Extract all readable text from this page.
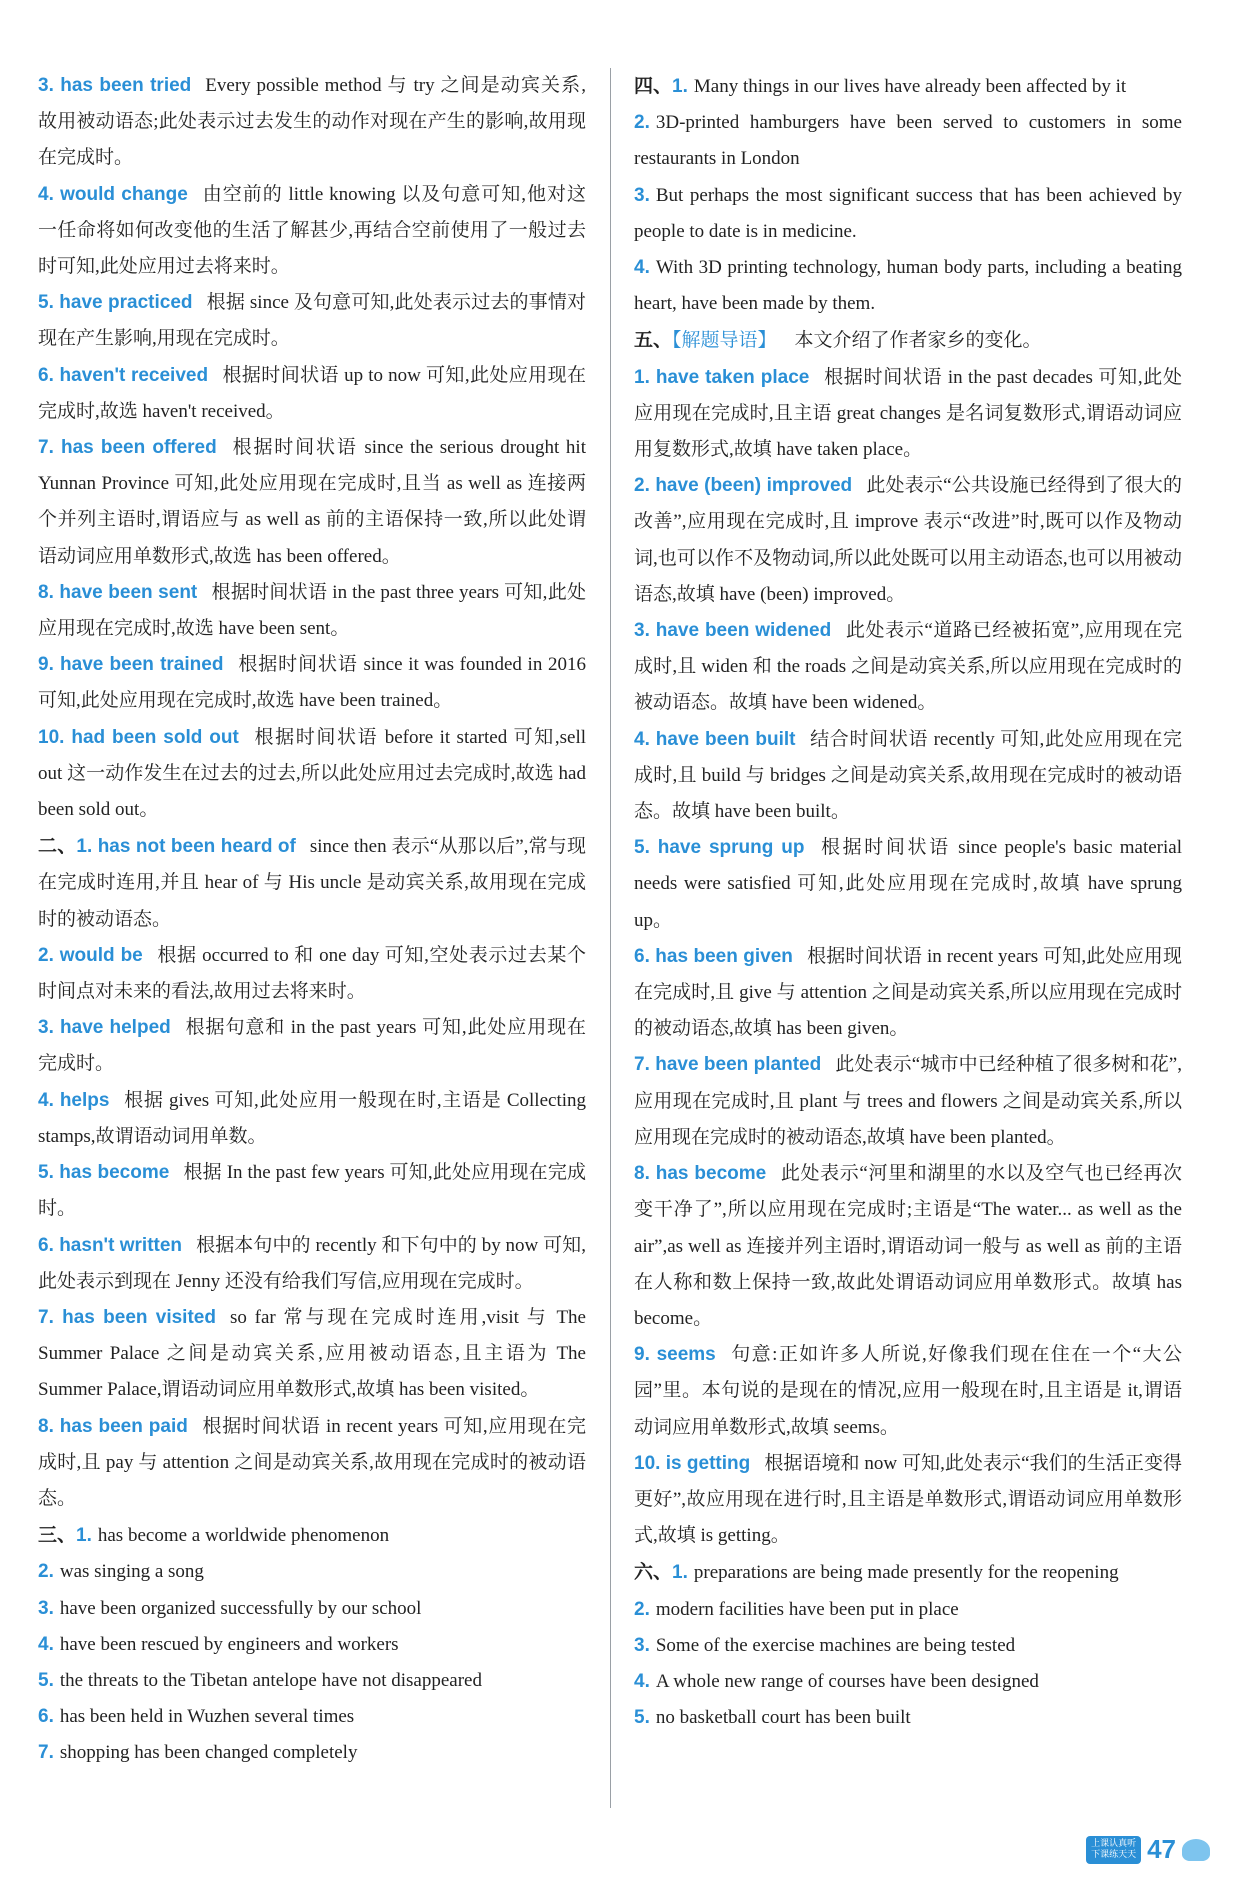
3. has been tried Every possible method 与 try 之间是动宾关系,故用被动语态;此处表示过去发生的动作对现在产生的影响,故用现在完成时。

4. would change 由空前的 little knowing 以及句意可知,他对这一任命将如何改变他的生活了解甚少,再结合空前使用了一般过去时可知,此处应用过去将来时。

5. have practiced 根据 since 及句意可知,此处表示过去的事情对现在产生影响,用现在完成时。

6. haven't received 根据时间状语 up to now 可知,此处应用现在完成时,故选 haven't received。

7. has been offered 根据时间状语 since the serious drought hit Yunnan Province 可知,此处应用现在完成时,且当 as well as 连接两个并列主语时,谓语应与 as well as 前的主语保持一致,所以此处谓语动词应用单数形式,故选 has been offered。

8. have been sent 根据时间状语 in the past three years 可知,此处应用现在完成时,故选 have been sent。

9. have been trained 根据时间状语 since it was founded in 2016 可知,此处应用现在完成时,故选 have been trained。

10. had been sold out 根据时间状语 before it started 可知,sell out 这一动作发生在过去的过去,所以此处应用过去完成时,故选 had been sold out。

二、1. has not been heard of since then 表示“从那以后”,常与现在完成时连用,并且 hear of 与 His uncle 是动宾关系,故用现在完成时的被动语态。

2. would be 根据 occurred to 和 one day 可知,空处表示过去某个时间点对未来的看法,故用过去将来时。

3. have helped 根据句意和 in the past years 可知,此处应用现在完成时。

4. helps 根据 gives 可知,此处应用一般现在时,主语是 Collecting stamps,故谓语动词用单数。

5. has become 根据 In the past few years 可知,此处应用现在完成时。

6. hasn't written 根据本句中的 recently 和下句中的 by now 可知,此处表示到现在 Jenny 还没有给我们写信,应用现在完成时。

7. has been visited so far 常与现在完成时连用,visit 与 The Summer Palace 之间是动宾关系,应用被动语态,且主语为 The Summer Palace,谓语动词应用单数形式,故填 has been visited。

8. has been paid 根据时间状语 in recent years 可知,应用现在完成时,且 pay 与 attention 之间是动宾关系,故用现在完成时的被动语态。

三、1. has become a worldwide phenomenon

2. was singing a song

3. have been organized successfully by our school

4. have been rescued by engineers and workers

5. the threats to the Tibetan antelope have not disappeared

6. has been held in Wuzhen several times

7. shopping has been changed completely

四、1. Many things in our lives have already been affected by it

2. 3D-printed hamburgers have been served to customers in some restaurants in London

3. But perhaps the most significant success that has been achieved by people to date is in medicine.

4. With 3D printing technology, human body parts, including a beating heart, have been made by them.

五、【解题导语】 本文介绍了作者家乡的变化。

1. have taken place 根据时间状语 in the past decades 可知,此处应用现在完成时,且主语 great changes 是名词复数形式,谓语动词应用复数形式,故填 have taken place。

2. have (been) improved 此处表示“公共设施已经得到了很大的改善”,应用现在完成时,且 improve 表示“改进”时,既可以作及物动词,也可以作不及物动词,所以此处既可以用主动语态,也可以用被动语态,故填 have (been) improved。

3. have been widened 此处表示“道路已经被拓宽”,应用现在完成时,且 widen 和 the roads 之间是动宾关系,所以应用现在完成时的被动语态。故填 have been widened。

4. have been built 结合时间状语 recently 可知,此处应用现在完成时,且 build 与 bridges 之间是动宾关系,故用现在完成时的被动语态。故填 have been built。

5. have sprung up 根据时间状语 since people's basic material needs were satisfied 可知,此处应用现在完成时,故填 have sprung up。

6. has been given 根据时间状语 in recent years 可知,此处应用现在完成时,且 give 与 attention 之间是动宾关系,所以应用现在完成时的被动语态,故填 has been given。

7. have been planted 此处表示“城市中已经种植了很多树和花”,应用现在完成时,且 plant 与 trees and flowers 之间是动宾关系,所以应用现在完成时的被动语态,故填 have been planted。

8. has become 此处表示“河里和湖里的水以及空气也已经再次变干净了”,所以应用现在完成时;主语是“The water... as well as the air”,as well as 连接并列主语时,谓语动词一般与 as well as 前的主语在人称和数上保持一致,故此处谓语动词应用单数形式。故填 has become。

9. seems 句意:正如许多人所说,好像我们现在住在一个“大公园”里。本句说的是现在的情况,应用一般现在时,且主语是 it,谓语动词应用单数形式,故填 seems。

10. is getting 根据语境和 now 可知,此处表示“我们的生活正变得更好”,故应用现在进行时,且主语是单数形式,谓语动词应用单数形式,故填 is getting。

六、1. preparations are being made presently for the reopening

2. modern facilities have been put in place

3. Some of the exercise machines are being tested

4. A whole new range of courses have been designed

5. no basketball court has been built

上课认真听
下课练天天 47
